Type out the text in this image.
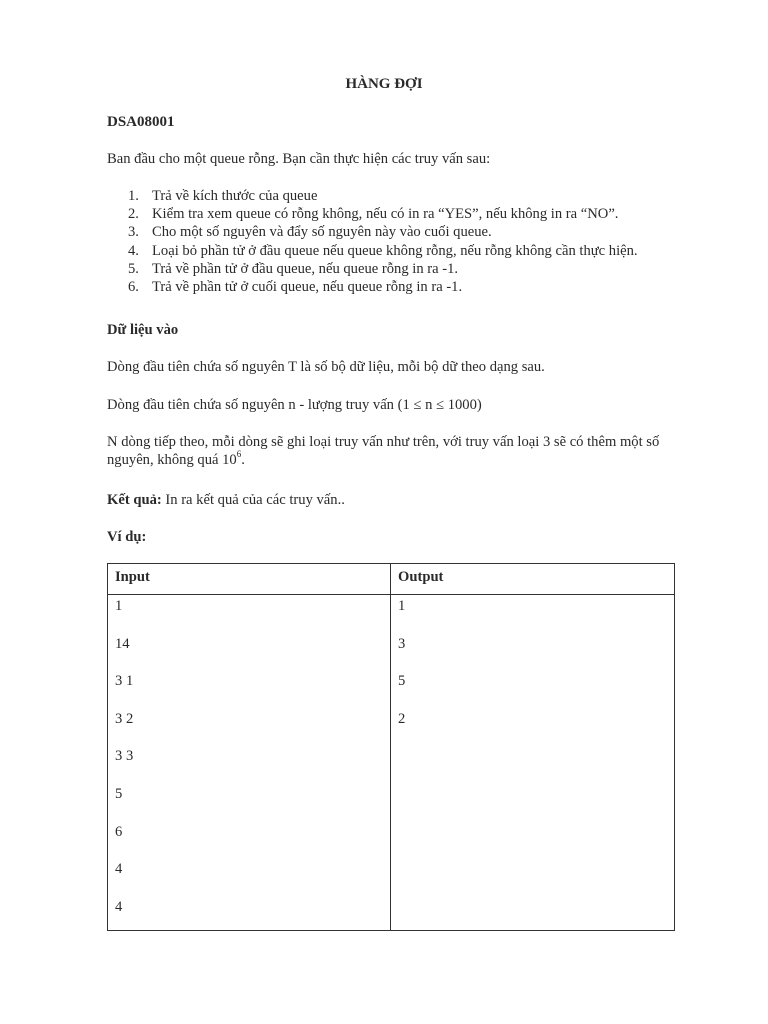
HÀNG ĐỢI
DSA08001
Ban đầu cho một queue rỗng. Bạn cần thực hiện các truy vấn sau:
1. Trả về kích thước của queue
2. Kiểm tra xem queue có rỗng không, nếu có in ra “YES”, nếu không in ra “NO”.
3. Cho một số nguyên và đẩy số nguyên này vào cuối queue.
4. Loại bỏ phần tử ở đầu queue nếu queue không rỗng, nếu rỗng không cần thực hiện.
5. Trả về phần tử ở đầu queue, nếu queue rỗng in ra -1.
6. Trả về phần tử ở cuối queue, nếu queue rỗng in ra -1.
Dữ liệu vào
Dòng đầu tiên chứa số nguyên T là số bộ dữ liệu, mỗi bộ dữ theo dạng sau.
Dòng đầu tiên chứa số nguyên n - lượng truy vấn (1 ≤ n ≤ 1000)
N dòng tiếp theo, mỗi dòng sẽ ghi loại truy vấn như trên, với truy vấn loại 3 sẽ có thêm một số nguyên, không quá $10^6$.
Kết quả: In ra kết quả của các truy vấn..
Ví dụ:
Input	Output
1
14
3 1
3 2
3 3
5
6
4
4
1
3
5
2
